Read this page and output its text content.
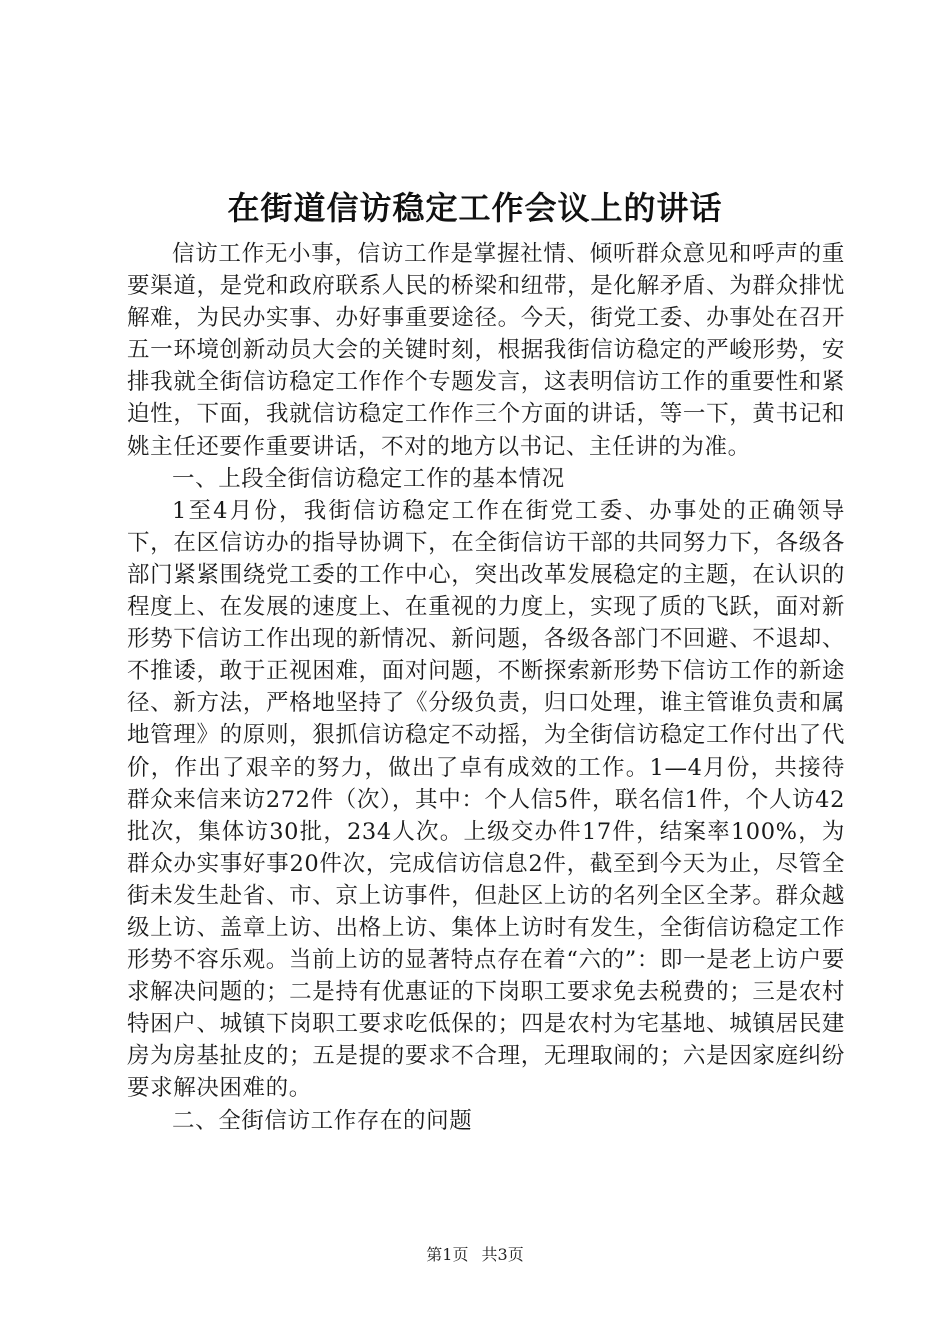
在街道信访稳定工作会议上的讲话

信访工作无小事，信访工作是掌握社情、倾听群众意见和呼声的重要渠道，是党和政府联系人民的桥梁和纽带，是化解矛盾、为群众排忧解难，为民办实事、办好事重要途径。今天，街党工委、办事处在召开五一环境创新动员大会的关键时刻，根据我街信访稳定的严峻形势，安排我就全街信访稳定工作作个专题发言，这表明信访工作的重要性和紧迫性，下面，我就信访稳定工作作三个方面的讲话，等一下，黄书记和姚主任还要作重要讲话，不对的地方以书记、主任讲的为准。

一、上段全街信访稳定工作的基本情况

1至4月份，我街信访稳定工作在街党工委、办事处的正确领导下，在区信访办的指导协调下，在全街信访干部的共同努力下，各级各部门紧紧围绕党工委的工作中心，突出改革发展稳定的主题，在认识的程度上、在发展的速度上、在重视的力度上，实现了质的飞跃，面对新形势下信访工作出现的新情况、新问题，各级各部门不回避、不退却、不推诿，敢于正视困难，面对问题，不断探索新形势下信访工作的新途径、新方法，严格地坚持了《分级负责，归口处理，谁主管谁负责和属地管理》的原则，狠抓信访稳定不动摇，为全街信访稳定工作付出了代价，作出了艰辛的努力，做出了卓有成效的工作。1—4月份，共接待群众来信来访272件（次），其中：个人信5件，联名信1件，个人访42批次，集体访30批，234人次。上级交办件17件，结案率100%，为群众办实事好事20件次，完成信访信息2件，截至到今天为止，尽管全街未发生赴省、市、京上访事件，但赴区上访的名列全区全茅。群众越级上访、盖章上访、出格上访、集体上访时有发生，全街信访稳定工作形势不容乐观。当前上访的显著特点存在着“六的”：即一是老上访户要求解决问题的；二是持有优惠证的下岗职工要求免去税费的；三是农村特困户、城镇下岗职工要求吃低保的；四是农村为宅基地、城镇居民建房为房基扯皮的；五是提的要求不合理，无理取闹的；六是因家庭纠纷要求解决困难的。

二、全街信访工作存在的问题

第1页 共3页
